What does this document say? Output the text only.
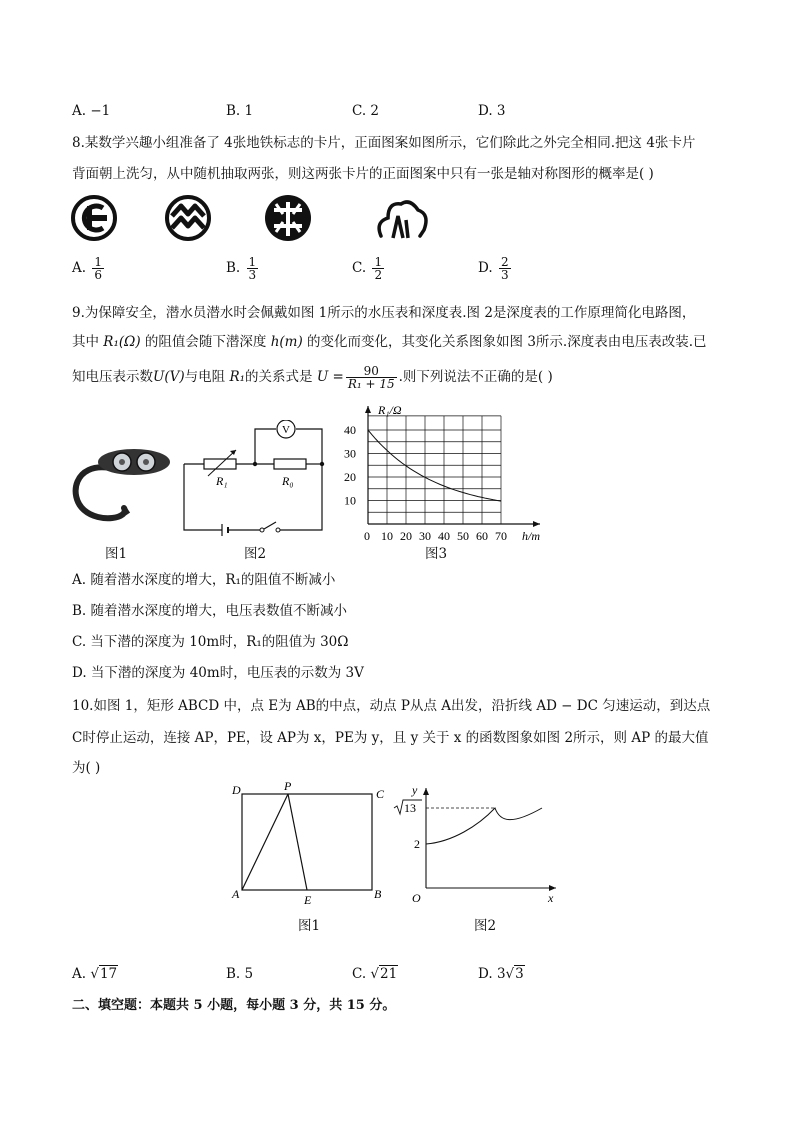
A. −1	B. 1	C. 2	D. 3
8.某数学兴趣小组准备了 4张地铁标志的卡片，正面图案如图所示，它们除此之外完全相同.把这 4张卡片
背面朝上洗匀，从中随机抽取两张，则这两张卡片的正面图案中只有一张是轴对称图形的概率是( )
A. $\frac{1}{6}$	B. $\frac{1}{3}$	C. $\frac{1}{2}$	D. $\frac{2}{3}$
9.为保障安全，潜水员潜水时会佩戴如图 1所示的水压表和深度表.图 2是深度表的工作原理简化电路图，
其中 R₁(Ω) 的阻值会随下潜深度 h(m) 的变化而变化，其变化关系图象如图 3所示.深度表由电压表改装.已
知电压表示数U(V)与电阻 R₁的关系式是 $U = \frac{90}{\text{R₁ + 15}}$ .则下列说法不正确的是( )
图1
V
R₁	R₀
图2
40
30
20
10
10 20 30 40 50 60 70
R₁/Ω
h/m
0
图3
A. 随着潜水深度的增大，R₁的阻值不断减小
B. 随着潜水深度的增大，电压表数值不断减小
C. 当下潜的深度为 10m时，R₁的阻值为 30Ω
D. 当下潜的深度为 40m时，电压表的示数为 3V
10.如图 1，矩形 ABCD 中，点 E为 AB的中点，动点 P从点 A出发，沿折线 AD − DC 匀速运动，到达点
C时停止运动，连接 AP，PE，设 AP为 x，PE为 y，且 y 关于 x 的函数图象如图 2所示，则 AP 的最大值
为( )
D	P
C
A	E	B
图1
y
x
O
2
13
图2
A. √17	B. 5	C. √21	D. 3√3
二、填空题：本题共 5 小题，每小题 3 分，共 15 分。
